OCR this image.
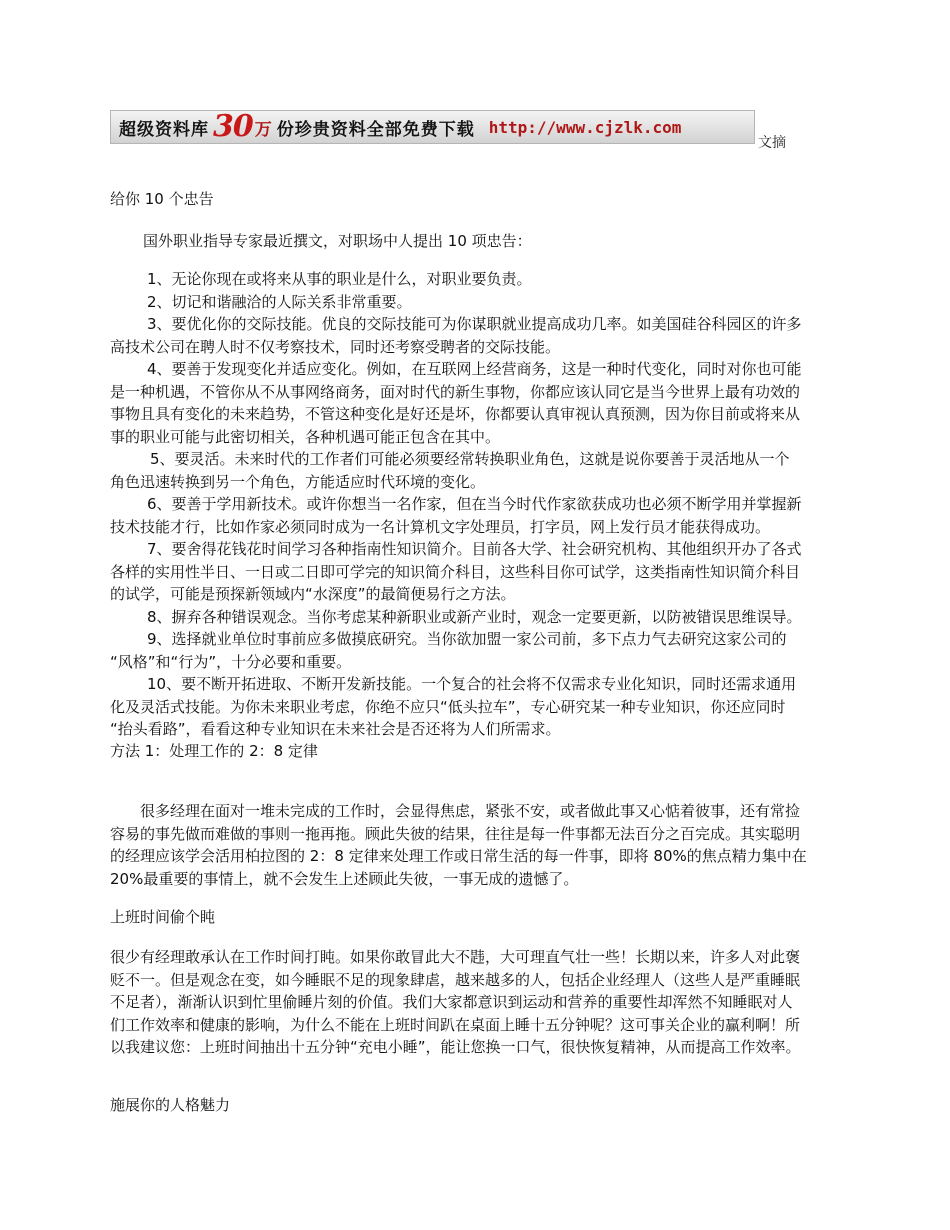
超级资料库 30 万 份珍贵资料全部免费下载 http://www.cjzlk.com
文摘
给你 10 个忠告
国外职业指导专家最近撰文，对职场中人提出 10 项忠告：
1、无论你现在或将来从事的职业是什么，对职业要负责。
2、切记和谐融洽的人际关系非常重要。
3、要优化你的交际技能。优良的交际技能可为你谋职就业提高成功几率。如美国硅谷科园区的许多
高技术公司在聘人时不仅考察技术，同时还考察受聘者的交际技能。
4、要善于发现变化并适应变化。例如，在互联网上经营商务，这是一种时代变化，同时对你也可能
是一种机遇，不管你从不从事网络商务，面对时代的新生事物，你都应该认同它是当今世界上最有功效的
事物且具有变化的未来趋势，不管这种变化是好还是坏，你都要认真审视认真预测，因为你目前或将来从
事的职业可能与此密切相关，各种机遇可能正包含在其中。
5、要灵活。未来时代的工作者们可能必须要经常转换职业角色，这就是说你要善于灵活地从一个
角色迅速转换到另一个角色，方能适应时代环境的变化。
6、要善于学用新技术。或许你想当一名作家，但在当今时代作家欲获成功也必须不断学用并掌握新
技术技能才行，比如作家必须同时成为一名计算机文字处理员，打字员，网上发行员才能获得成功。
7、要舍得花钱花时间学习各种指南性知识简介。目前各大学、社会研究机构、其他组织开办了各式
各样的实用性半日、一日或二日即可学完的知识简介科目，这些科目你可试学，这类指南性知识简介科目
的试学，可能是预探新领域内“水深度”的最简便易行之方法。
8、摒弃各种错误观念。当你考虑某种新职业或新产业时，观念一定要更新，以防被错误思维误导。
9、选择就业单位时事前应多做摸底研究。当你欲加盟一家公司前，多下点力气去研究这家公司的
“风格”和“行为”，十分必要和重要。
10、要不断开拓进取、不断开发新技能。一个复合的社会将不仅需求专业化知识，同时还需求通用
化及灵活式技能。为你未来职业考虑，你绝不应只“低头拉车”，专心研究某一种专业知识，你还应同时
“抬头看路”，看看这种专业知识在未来社会是否还将为人们所需求。
方法 1：处理工作的 2：8 定律
很多经理在面对一堆未完成的工作时，会显得焦虑，紧张不安，或者做此事又心惦着彼事，还有常捡
容易的事先做而难做的事则一拖再拖。顾此失彼的结果，往往是每一件事都无法百分之百完成。其实聪明
的经理应该学会活用柏拉图的 2：8 定律来处理工作或日常生活的每一件事，即将 80%的焦点精力集中在
20%最重要的事情上，就不会发生上述顾此失彼，一事无成的遗憾了。
上班时间偷个盹
很少有经理敢承认在工作时间打盹。如果你敢冒此大不韪，大可理直气壮一些！长期以来，许多人对此褒
贬不一。但是观念在变，如今睡眠不足的现象肆虐，越来越多的人，包括企业经理人（这些人是严重睡眠
不足者），渐渐认识到忙里偷睡片刻的价值。我们大家都意识到运动和营养的重要性却浑然不知睡眠对人
们工作效率和健康的影响，为什么不能在上班时间趴在桌面上睡十五分钟呢？这可事关企业的赢利啊！所
以我建议您：上班时间抽出十五分钟“充电小睡”，能让您换一口气，很快恢复精神，从而提高工作效率。
施展你的人格魅力
